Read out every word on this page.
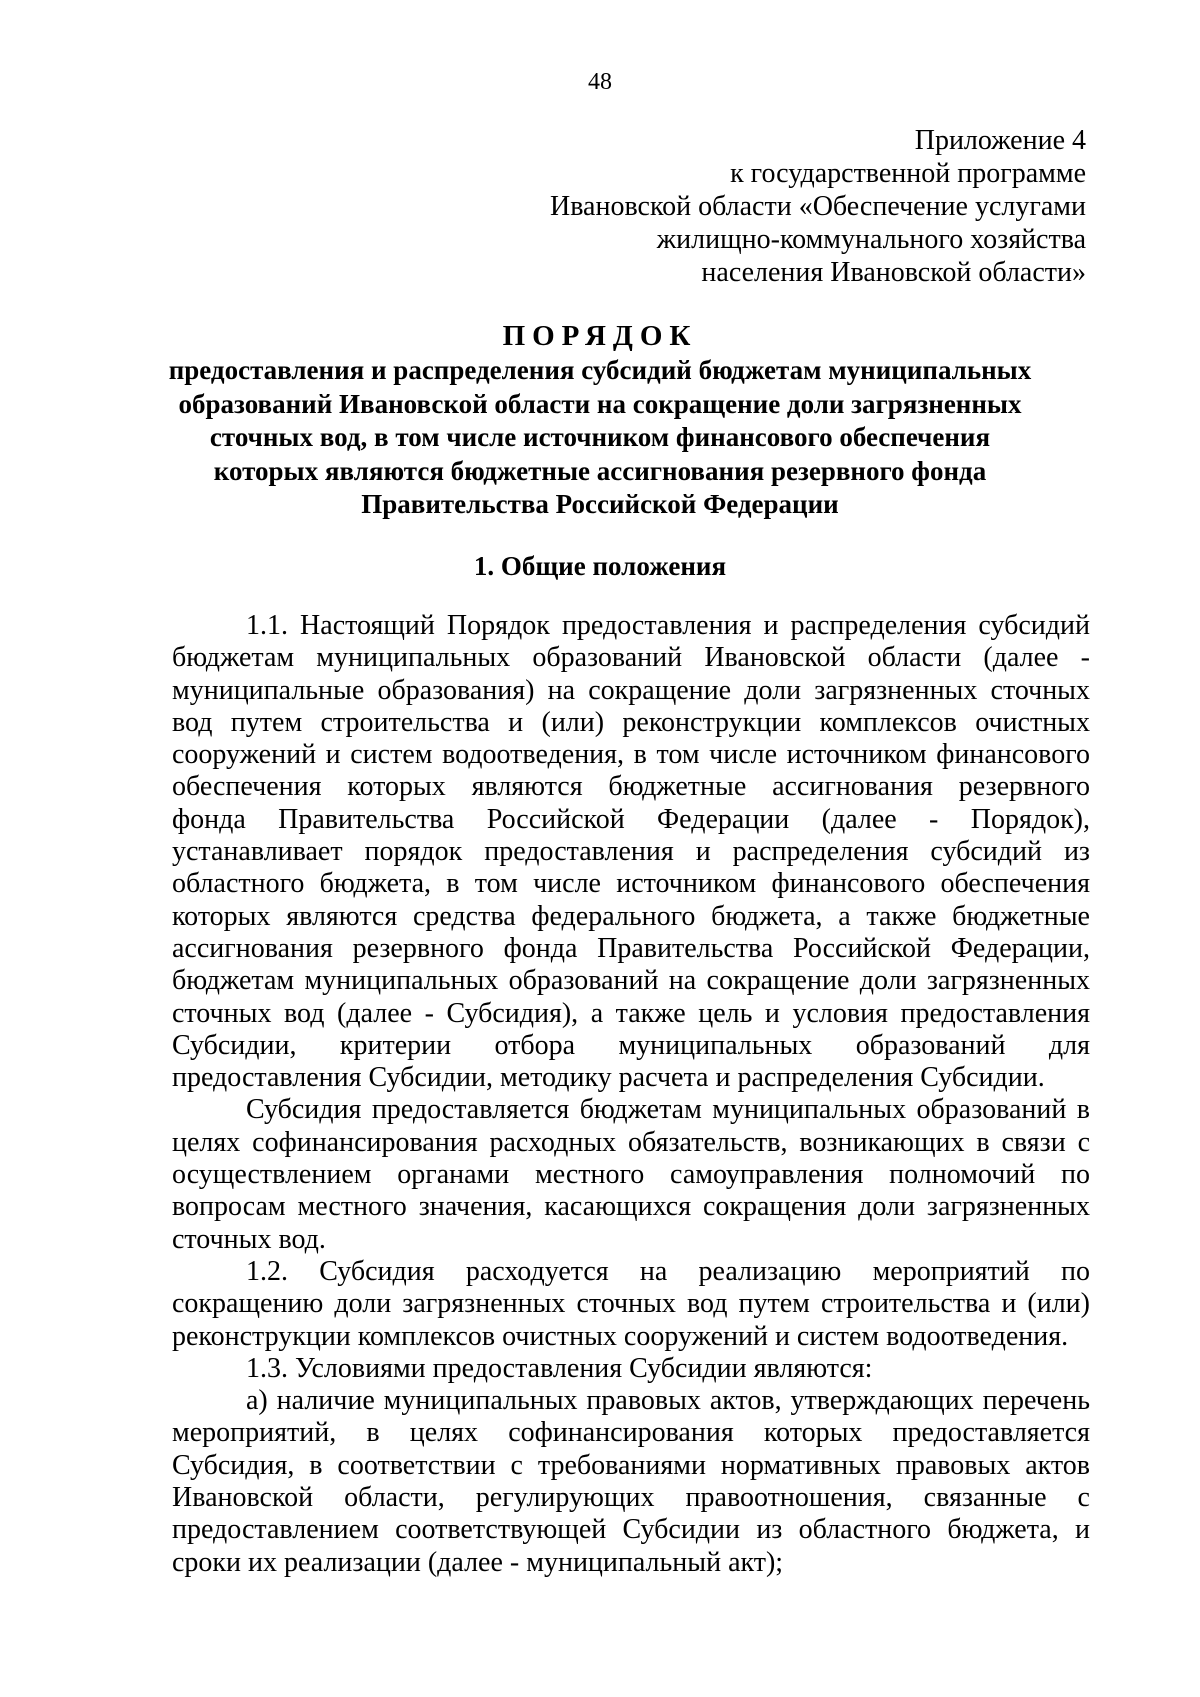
48
Приложение 4
к государственной программе
Ивановской области «Обеспечение услугами
жилищно-коммунального хозяйства
населения Ивановской области»
ПОРЯДОК
предоставления и распределения субсидий бюджетам муниципальных
образований Ивановской области на сокращение доли загрязненных
сточных вод, в том числе источником финансового обеспечения
которых являются бюджетные ассигнования резервного фонда
Правительства Российской Федерации
1. Общие положения
1.1. Настоящий Порядок предоставления и распределения субсидий
бюджетам муниципальных образований Ивановской области (далее -
муниципальные образования) на сокращение доли загрязненных сточных
вод путем строительства и (или) реконструкции комплексов очистных
сооружений и систем водоотведения, в том числе источником финансового
обеспечения которых являются бюджетные ассигнования резервного
фонда Правительства Российской Федерации (далее - Порядок),
устанавливает порядок предоставления и распределения субсидий из
областного бюджета, в том числе источником финансового обеспечения
которых являются средства федерального бюджета, а также бюджетные
ассигнования резервного фонда Правительства Российской Федерации,
бюджетам муниципальных образований на сокращение доли загрязненных
сточных вод (далее - Субсидия), а также цель и условия предоставления
Субсидии, критерии отбора муниципальных образований для
предоставления Субсидии, методику расчета и распределения Субсидии.
Субсидия предоставляется бюджетам муниципальных образований в
целях софинансирования расходных обязательств, возникающих в связи с
осуществлением органами местного самоуправления полномочий по
вопросам местного значения, касающихся сокращения доли загрязненных
сточных вод.
1.2. Субсидия расходуется на реализацию мероприятий по
сокращению доли загрязненных сточных вод путем строительства и (или)
реконструкции комплексов очистных сооружений и систем водоотведения.
1.3. Условиями предоставления Субсидии являются:
а) наличие муниципальных правовых актов, утверждающих перечень
мероприятий, в целях софинансирования которых предоставляется
Субсидия, в соответствии с требованиями нормативных правовых актов
Ивановской области, регулирующих правоотношения, связанные с
предоставлением соответствующей Субсидии из областного бюджета, и
сроки их реализации (далее - муниципальный акт);
